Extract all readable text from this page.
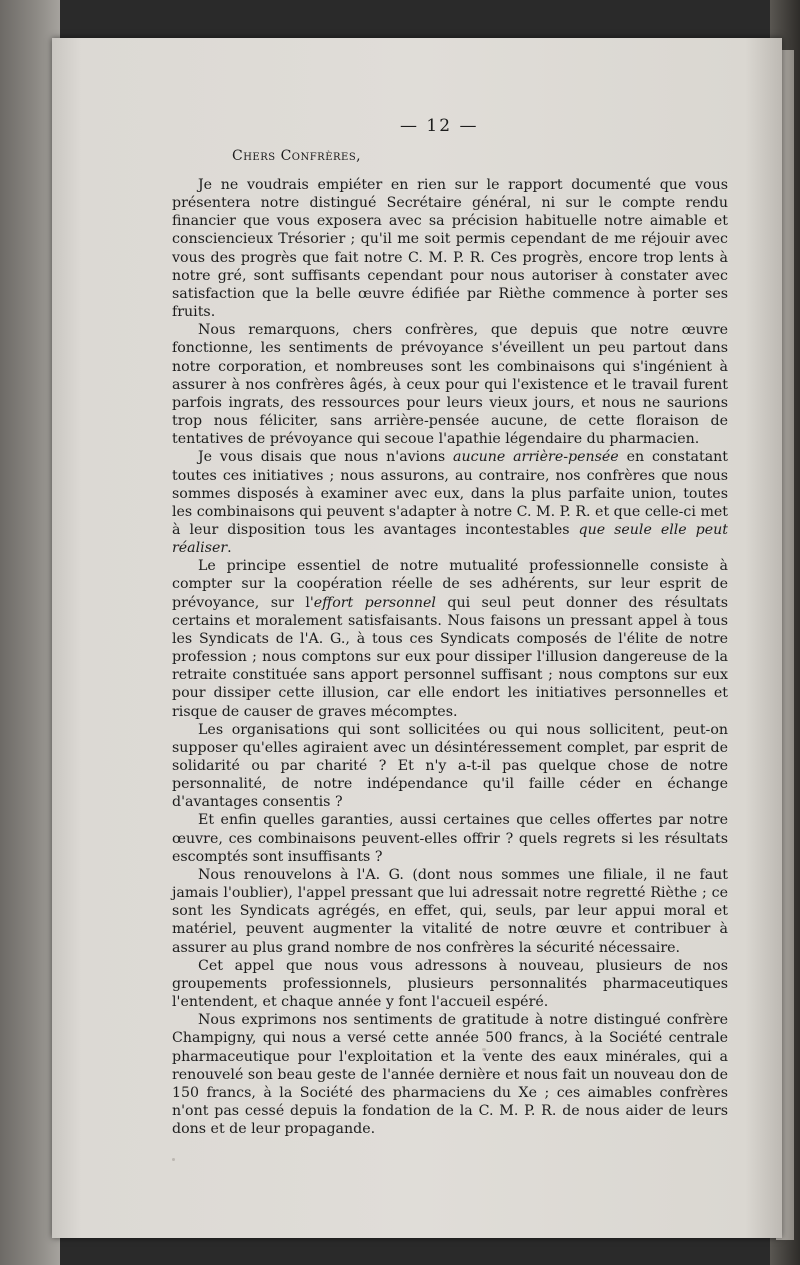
— 12 —
Chers Confrères,

Je ne voudrais empiéter en rien sur le rapport documenté que vous présentera notre distingué Secrétaire général, ni sur le compte rendu financier que vous exposera avec sa précision habituelle notre aimable et consciencieux Trésorier ; qu'il me soit permis cependant de me réjouir avec vous des progrès que fait notre C. M. P. R. Ces progrès, encore trop lents à notre gré, sont suffisants cependant pour nous autoriser à constater avec satisfaction que la belle œuvre édifiée par Rièthe commence à porter ses fruits.

Nous remarquons, chers confrères, que depuis que notre œuvre fonctionne, les sentiments de prévoyance s'éveillent un peu partout dans notre corporation, et nombreuses sont les combinaisons qui s'ingénient à assurer à nos confrères âgés, à ceux pour qui l'existence et le travail furent parfois ingrats, des ressources pour leurs vieux jours, et nous ne saurions trop nous féliciter, sans arrière-pensée aucune, de cette floraison de tentatives de prévoyance qui secoue l'apathie légendaire du pharmacien.

Je vous disais que nous n'avions aucune arrière-pensée en constatant toutes ces initiatives ; nous assurons, au contraire, nos confrères que nous sommes disposés à examiner avec eux, dans la plus parfaite union, toutes les combinaisons qui peuvent s'adapter à notre C. M. P. R. et que celle-ci met à leur disposition tous les avantages incontestables que seule elle peut réaliser.

Le principe essentiel de notre mutualité professionnelle consiste à compter sur la coopération réelle de ses adhérents, sur leur esprit de prévoyance, sur l'effort personnel qui seul peut donner des résultats certains et moralement satisfaisants. Nous faisons un pressant appel à tous les Syndicats de l'A. G., à tous ces Syndicats composés de l'élite de notre profession ; nous comptons sur eux pour dissiper l'illusion dangereuse de la retraite constituée sans apport personnel suffisant ; nous comptons sur eux pour dissiper cette illusion, car elle endort les initiatives personnelles et risque de causer de graves mécomptes.

Les organisations qui sont sollicitées ou qui nous sollicitent, peut-on supposer qu'elles agiraient avec un désintéressement complet, par esprit de solidarité ou par charité ? Et n'y a-t-il pas quelque chose de notre personnalité, de notre indépendance qu'il faille céder en échange d'avantages consentis ?

Et enfin quelles garanties, aussi certaines que celles offertes par notre œuvre, ces combinaisons peuvent-elles offrir ? quels regrets si les résultats escomptés sont insuffisants ?

Nous renouvelons à l'A. G. (dont nous sommes une filiale, il ne faut jamais l'oublier), l'appel pressant que lui adressait notre regretté Rièthe ; ce sont les Syndicats agrégés, en effet, qui, seuls, par leur appui moral et matériel, peuvent augmenter la vitalité de notre œuvre et contribuer à assurer au plus grand nombre de nos confrères la sécurité nécessaire.

Cet appel que nous vous adressons à nouveau, plusieurs de nos groupements professionnels, plusieurs personnalités pharmaceutiques l'entendent, et chaque année y font l'accueil espéré.

Nous exprimons nos sentiments de gratitude à notre distingué confrère Champigny, qui nous a versé cette année 500 francs, à la Société centrale pharmaceutique pour l'exploitation et la vente des eaux minérales, qui a renouvelé son beau geste de l'année dernière et nous fait un nouveau don de 150 francs, à la Société des pharmaciens du Xe ; ces aimables confrères n'ont pas cessé depuis la fondation de la C. M. P. R. de nous aider de leurs dons et de leur propagande.
